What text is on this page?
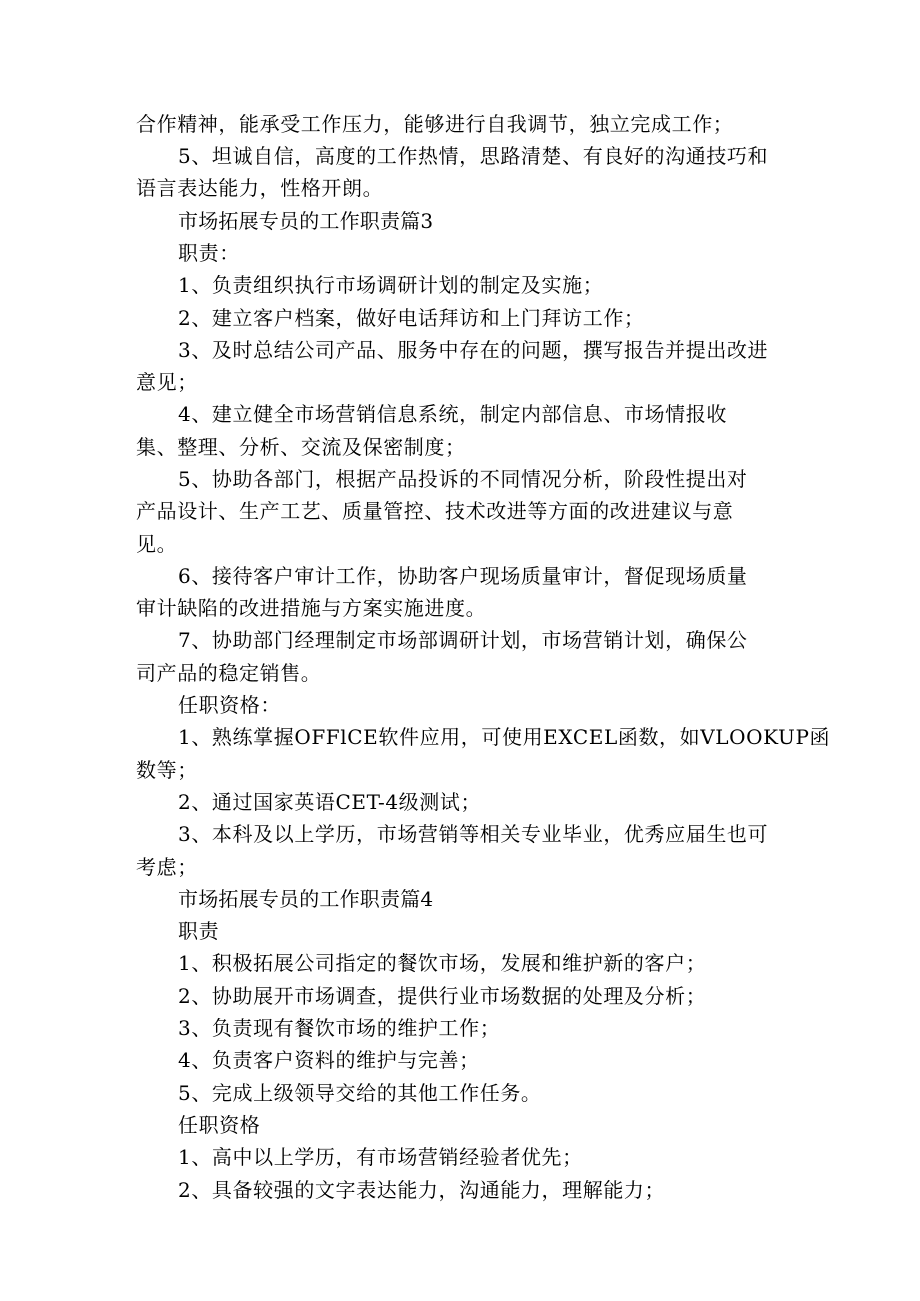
合作精神，能承受工作压力，能够进行自我调节，独立完成工作；
5、坦诚自信，高度的工作热情，思路清楚、有良好的沟通技巧和
语言表达能力，性格开朗。
市场拓展专员的工作职责篇3
职责：
1、负责组织执行市场调研计划的制定及实施；
2、建立客户档案，做好电话拜访和上门拜访工作；
3、及时总结公司产品、服务中存在的问题，撰写报告并提出改进
意见；
4、建立健全市场营销信息系统，制定内部信息、市场情报收
集、整理、分析、交流及保密制度；
5、协助各部门，根据产品投诉的不同情况分析，阶段性提出对
产品设计、生产工艺、质量管控、技术改进等方面的改进建议与意
见。
6、接待客户审计工作，协助客户现场质量审计，督促现场质量
审计缺陷的改进措施与方案实施进度。
7、协助部门经理制定市场部调研计划，市场营销计划，确保公
司产品的稳定销售。
任职资格：
1、熟练掌握OFFlCE软件应用，可使用EXCEL函数，如VLOOKUP函
数等；
2、通过国家英语CET-4级测试；
3、本科及以上学历，市场营销等相关专业毕业，优秀应届生也可
考虑；
市场拓展专员的工作职责篇4
职责
1、积极拓展公司指定的餐饮市场，发展和维护新的客户；
2、协助展开市场调查，提供行业市场数据的处理及分析；
3、负责现有餐饮市场的维护工作；
4、负责客户资料的维护与完善；
5、完成上级领导交给的其他工作任务。
任职资格
1、高中以上学历，有市场营销经验者优先；
2、具备较强的文字表达能力，沟通能力，理解能力；
